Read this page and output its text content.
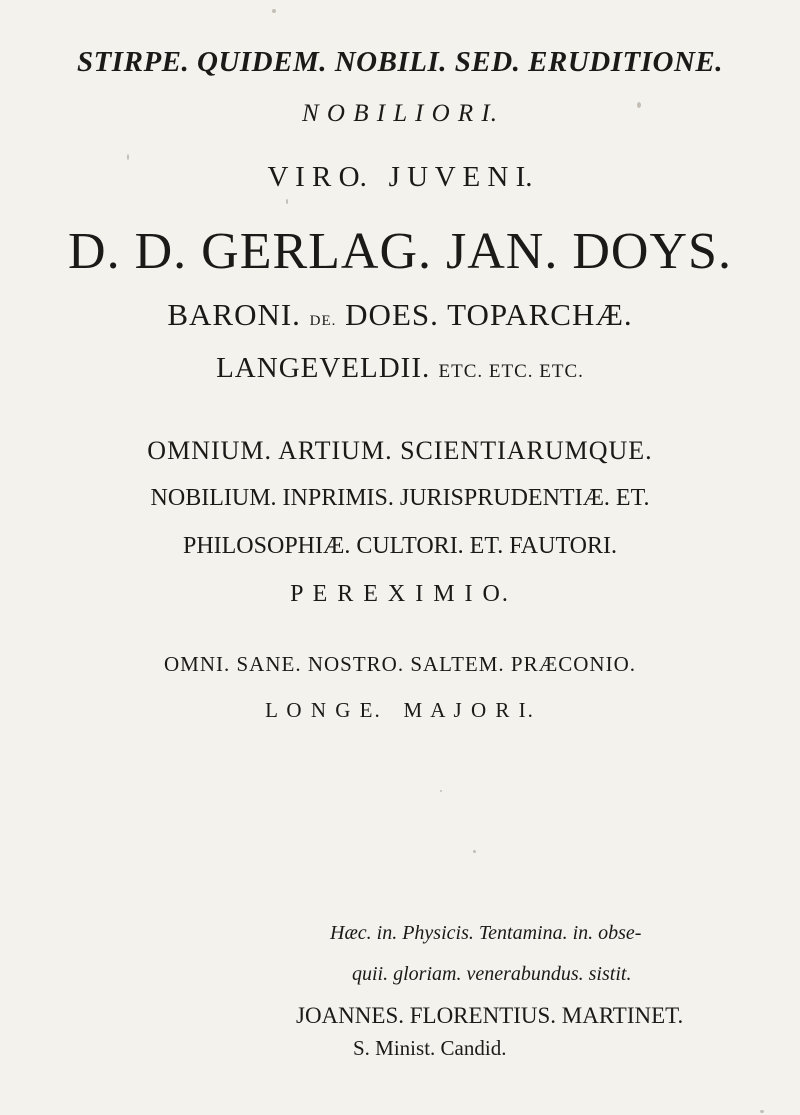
STIRPE. QUIDEM. NOBILI. SED. ERUDITIONE.
N O B I L I O R I.
V I R O.   J U V E N I.
D. D. GERLAG. JAN. DOYS.
BARONI. DE. DOES. TOPARCHÆ.
LANGEVELDII. ETC. ETC. ETC.
OMNIUM. ARTIUM. SCIENTIARUMQUE.
NOBILIUM. INPRIMIS. JURISPRUDENTIÆ. ET.
PHILOSOPHIÆ. CULTORI. ET. FAUTORI.
P E R E X I M I O.
OMNI. SANE. NOSTRO. SALTEM. PRÆCONIO.
L O N G E.   M A J O R I.
Hæc. in. Physicis. Tentamina. in. obse-
quii. gloriam. venerabundus. sistit.
JOANNES. FLORENTIUS. MARTINET.
S. Minist. Candid.
